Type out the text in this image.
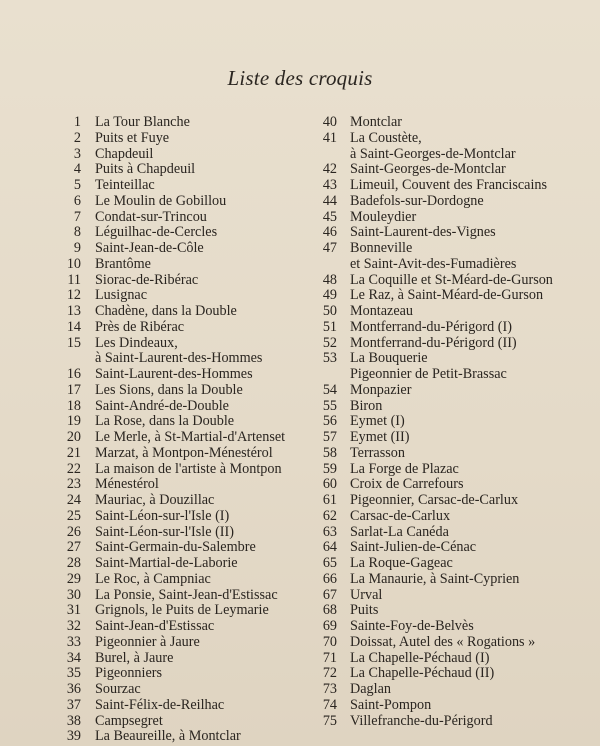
Liste des croquis
1 La Tour Blanche
2 Puits et Fuye
3 Chapdeuil
4 Puits à Chapdeuil
5 Teinteillac
6 Le Moulin de Gobillou
7 Condat-sur-Trincou
8 Léguilhac-de-Cercles
9 Saint-Jean-de-Côle
10 Brantôme
11 Siorac-de-Ribérac
12 Lusignac
13 Chadène, dans la Double
14 Près de Ribérac
15 Les Dindeaux,
à Saint-Laurent-des-Hommes
16 Saint-Laurent-des-Hommes
17 Les Sions, dans la Double
18 Saint-André-de-Double
19 La Rose, dans la Double
20 Le Merle, à St-Martial-d'Artenset
21 Marzat, à Montpon-Ménestérol
22 La maison de l'artiste à Montpon
23 Ménestérol
24 Mauriac, à Douzillac
25 Saint-Léon-sur-l'Isle (I)
26 Saint-Léon-sur-l'Isle (II)
27 Saint-Germain-du-Salembre
28 Saint-Martial-de-Laborie
29 Le Roc, à Campniac
30 La Ponsie, Saint-Jean-d'Estissac
31 Grignols, le Puits de Leymarie
32 Saint-Jean-d'Estissac
33 Pigeonnier à Jaure
34 Burel, à Jaure
35 Pigeonniers
36 Sourzac
37 Saint-Félix-de-Reilhac
38 Campsegret
39 La Beaureille, à Montclar
40 Montclar
41 La Coustète,
à Saint-Georges-de-Montclar
42 Saint-Georges-de-Montclar
43 Limeuil, Couvent des Franciscains
44 Badefols-sur-Dordogne
45 Mouleydier
46 Saint-Laurent-des-Vignes
47 Bonneville
et Saint-Avit-des-Fumadières
48 La Coquille et St-Méard-de-Gurson
49 Le Raz, à Saint-Méard-de-Gurson
50 Montazeau
51 Montferrand-du-Périgord (I)
52 Montferrand-du-Périgord (II)
53 La Bouquerie
Pigeonnier de Petit-Brassac
54 Monpazier
55 Biron
56 Eymet (I)
57 Eymet (II)
58 Terrasson
59 La Forge de Plazac
60 Croix de Carrefours
61 Pigeonnier, Carsac-de-Carlux
62 Carsac-de-Carlux
63 Sarlat-La Canéda
64 Saint-Julien-de-Cénac
65 La Roque-Gageac
66 La Manaurie, à Saint-Cyprien
67 Urval
68 Puits
69 Sainte-Foy-de-Belvès
70 Doissat, Autel des « Rogations »
71 La Chapelle-Péchaud (I)
72 La Chapelle-Péchaud (II)
73 Daglan
74 Saint-Pompon
75 Villefranche-du-Périgord
